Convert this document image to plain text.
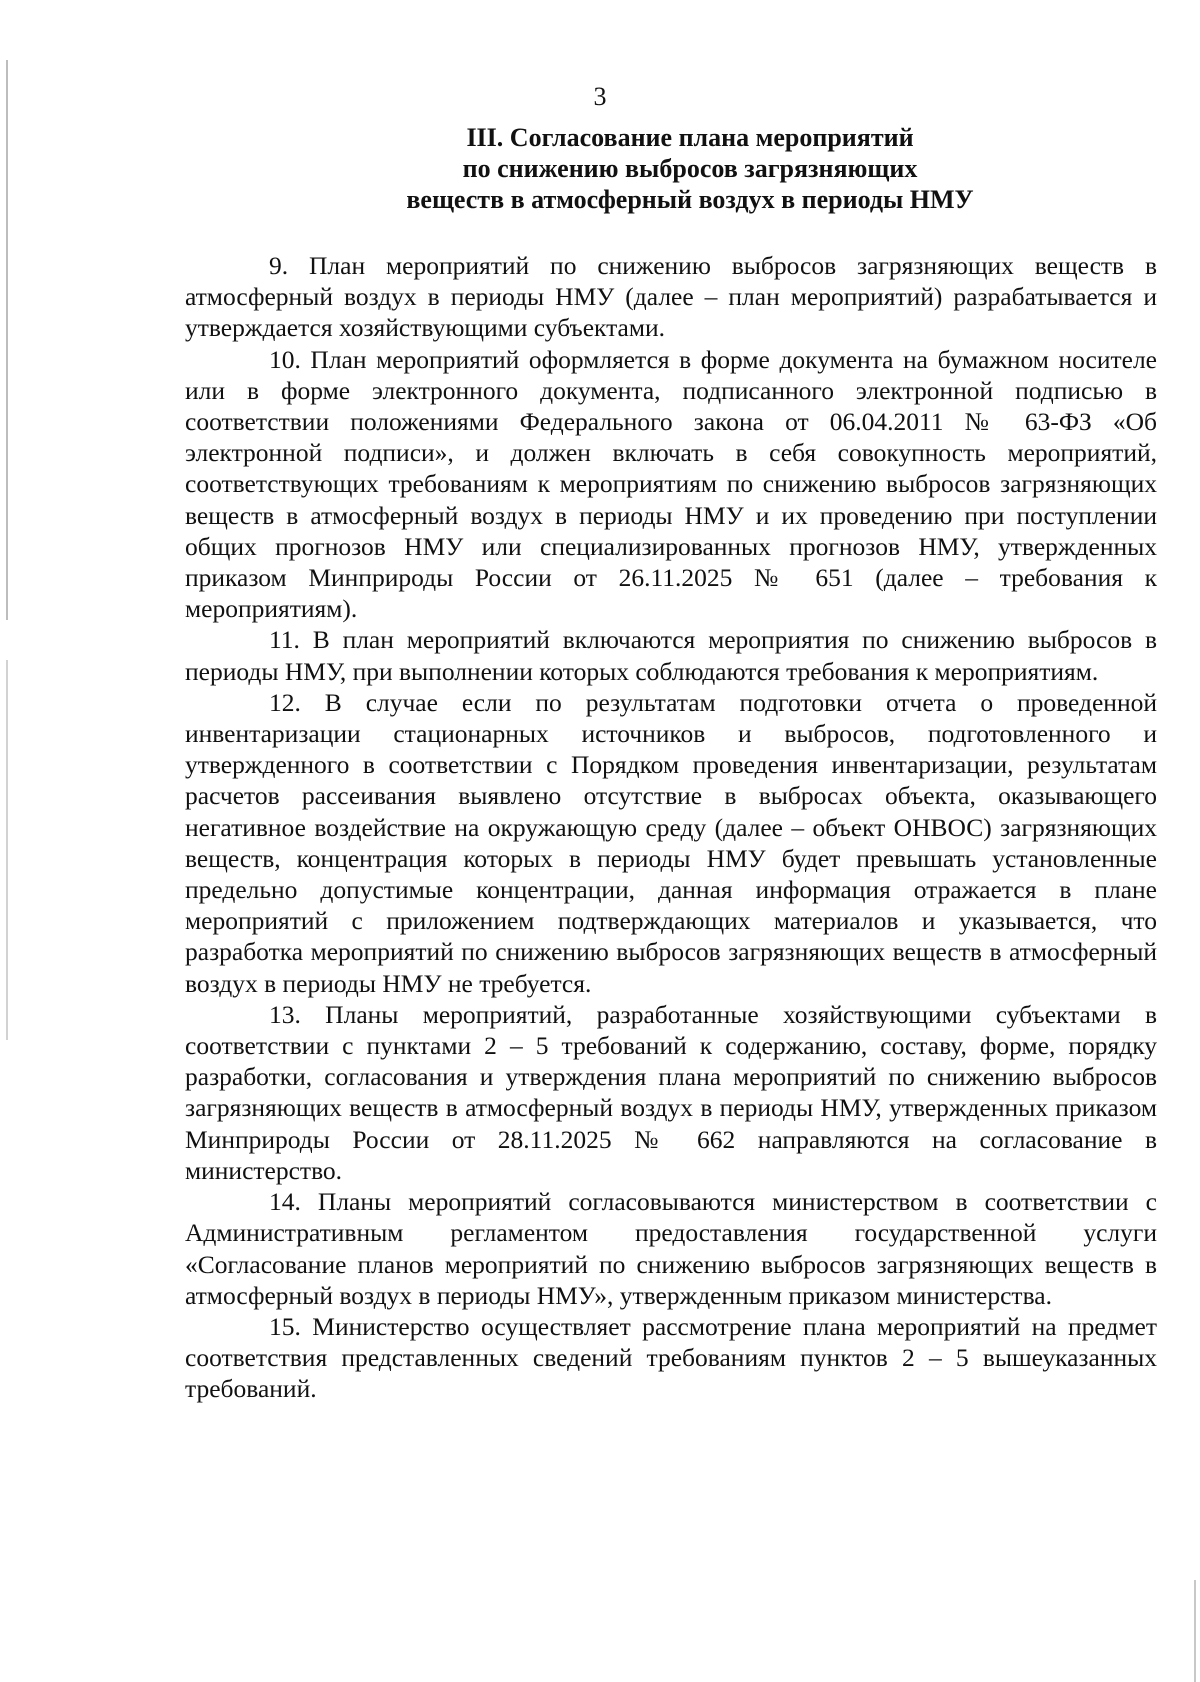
3
III. Согласование плана мероприятий
по снижению выбросов загрязняющих
веществ в атмосферный воздух в периоды НМУ

9. План мероприятий по снижению выбросов загрязняющих веществ в атмосферный воздух в периоды НМУ (далее – план мероприятий) разрабатывается и утверждается хозяйствующими субъектами.

10. План мероприятий оформляется в форме документа на бумажном носителе или в форме электронного документа, подписанного электронной подписью в соответствии положениями Федерального закона от 06.04.2011 № 63-ФЗ «Об электронной подписи», и должен включать в себя совокупность мероприятий, соответствующих требованиям к мероприятиям по снижению выбросов загрязняющих веществ в атмосферный воздух в периоды НМУ и их проведению при поступлении общих прогнозов НМУ или специализированных прогнозов НМУ, утвержденных приказом Минприроды России от 26.11.2025 № 651 (далее – требования к мероприятиям).

11. В план мероприятий включаются мероприятия по снижению выбросов в периоды НМУ, при выполнении которых соблюдаются требования к мероприятиям.

12. В случае если по результатам подготовки отчета о проведенной инвентаризации стационарных источников и выбросов, подготовленного и утвержденного в соответствии с Порядком проведения инвентаризации, результатам расчетов рассеивания выявлено отсутствие в выбросах объекта, оказывающего негативное воздействие на окружающую среду (далее – объект ОНВОС) загрязняющих веществ, концентрация которых в периоды НМУ будет превышать установленные предельно допустимые концентрации, данная информация отражается в плане мероприятий с приложением подтверждающих материалов и указывается, что разработка мероприятий по снижению выбросов загрязняющих веществ в атмосферный воздух в периоды НМУ не требуется.

13. Планы мероприятий, разработанные хозяйствующими субъектами в соответствии с пунктами 2 – 5 требований к содержанию, составу, форме, порядку разработки, согласования и утверждения плана мероприятий по снижению выбросов загрязняющих веществ в атмосферный воздух в периоды НМУ, утвержденных приказом Минприроды России от 28.11.2025 № 662 направляются на согласование в министерство.

14. Планы мероприятий согласовываются министерством в соответствии с Административным регламентом предоставления государственной услуги «Согласование планов мероприятий по снижению выбросов загрязняющих веществ в атмосферный воздух в периоды НМУ», утвержденным приказом министерства.

15. Министерство осуществляет рассмотрение плана мероприятий на предмет соответствия представленных сведений требованиям пунктов 2 – 5 вышеуказанных требований.
